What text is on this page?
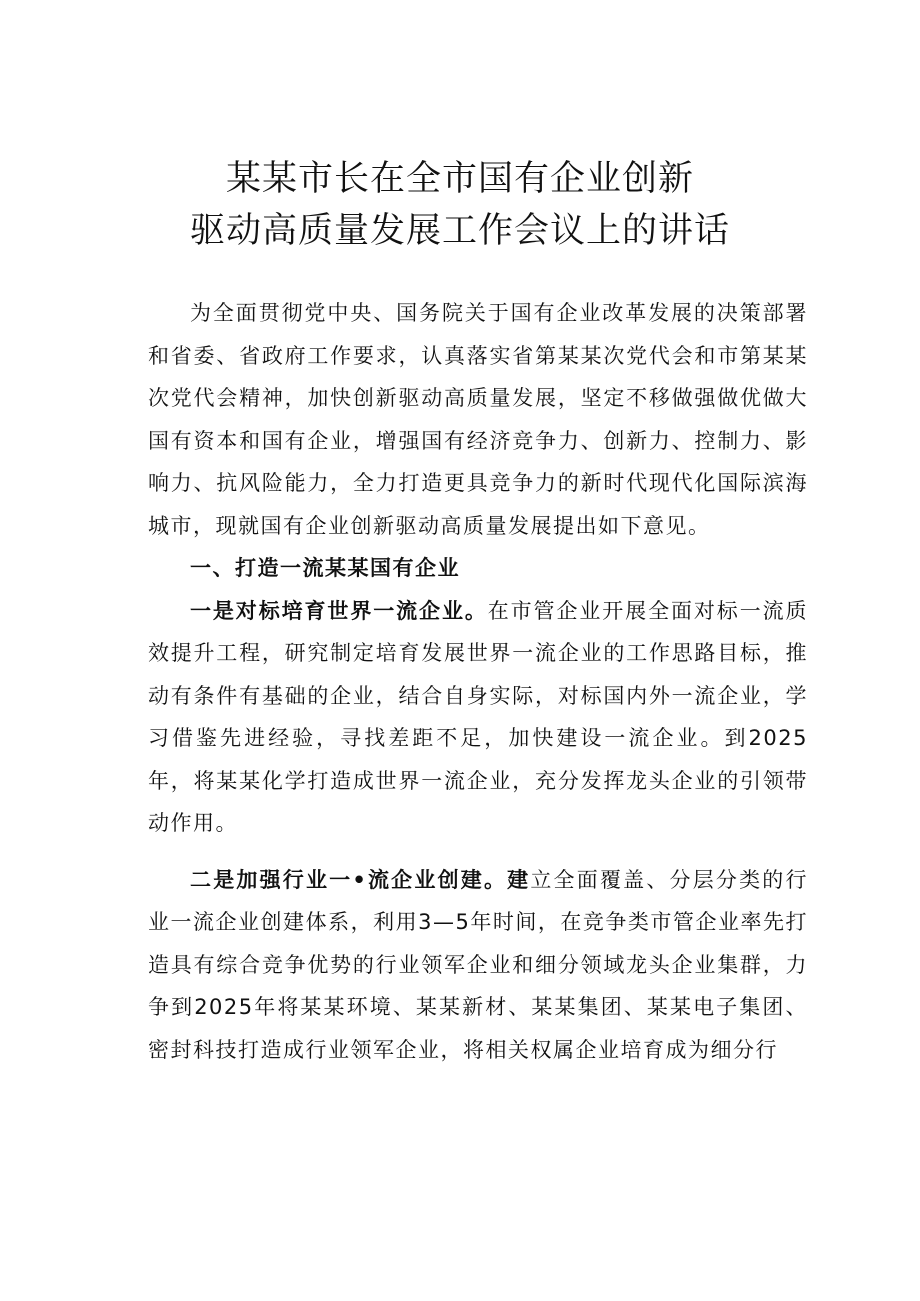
某某市长在全市国有企业创新
驱动高质量发展工作会议上的讲话

为全面贯彻党中央、国务院关于国有企业改革发展的决策部署和省委、省政府工作要求，认真落实省第某某次党代会和市第某某次党代会精神，加快创新驱动高质量发展，坚定不移做强做优做大国有资本和国有企业，增强国有经济竞争力、创新力、控制力、影响力、抗风险能力，全力打造更具竞争力的新时代现代化国际滨海城市，现就国有企业创新驱动高质量发展提出如下意见。

一、打造一流某某国有企业

一是对标培育世界一流企业。在市管企业开展全面对标一流质效提升工程，研究制定培育发展世界一流企业的工作思路目标，推动有条件有基础的企业，结合自身实际，对标国内外一流企业，学习借鉴先进经验，寻找差距不足，加快建设一流企业。到2025年，将某某化学打造成世界一流企业，充分发挥龙头企业的引领带动作用。

二是加强行业一•流企业创建。建立全面覆盖、分层分类的行业一流企业创建体系，利用3—5年时间，在竞争类市管企业率先打造具有综合竞争优势的行业领军企业和细分领域龙头企业集群，力争到2025年将某某环境、某某新材、某某集团、某某电子集团、密封科技打造成行业领军企业，将相关权属企业培育成为细分行
